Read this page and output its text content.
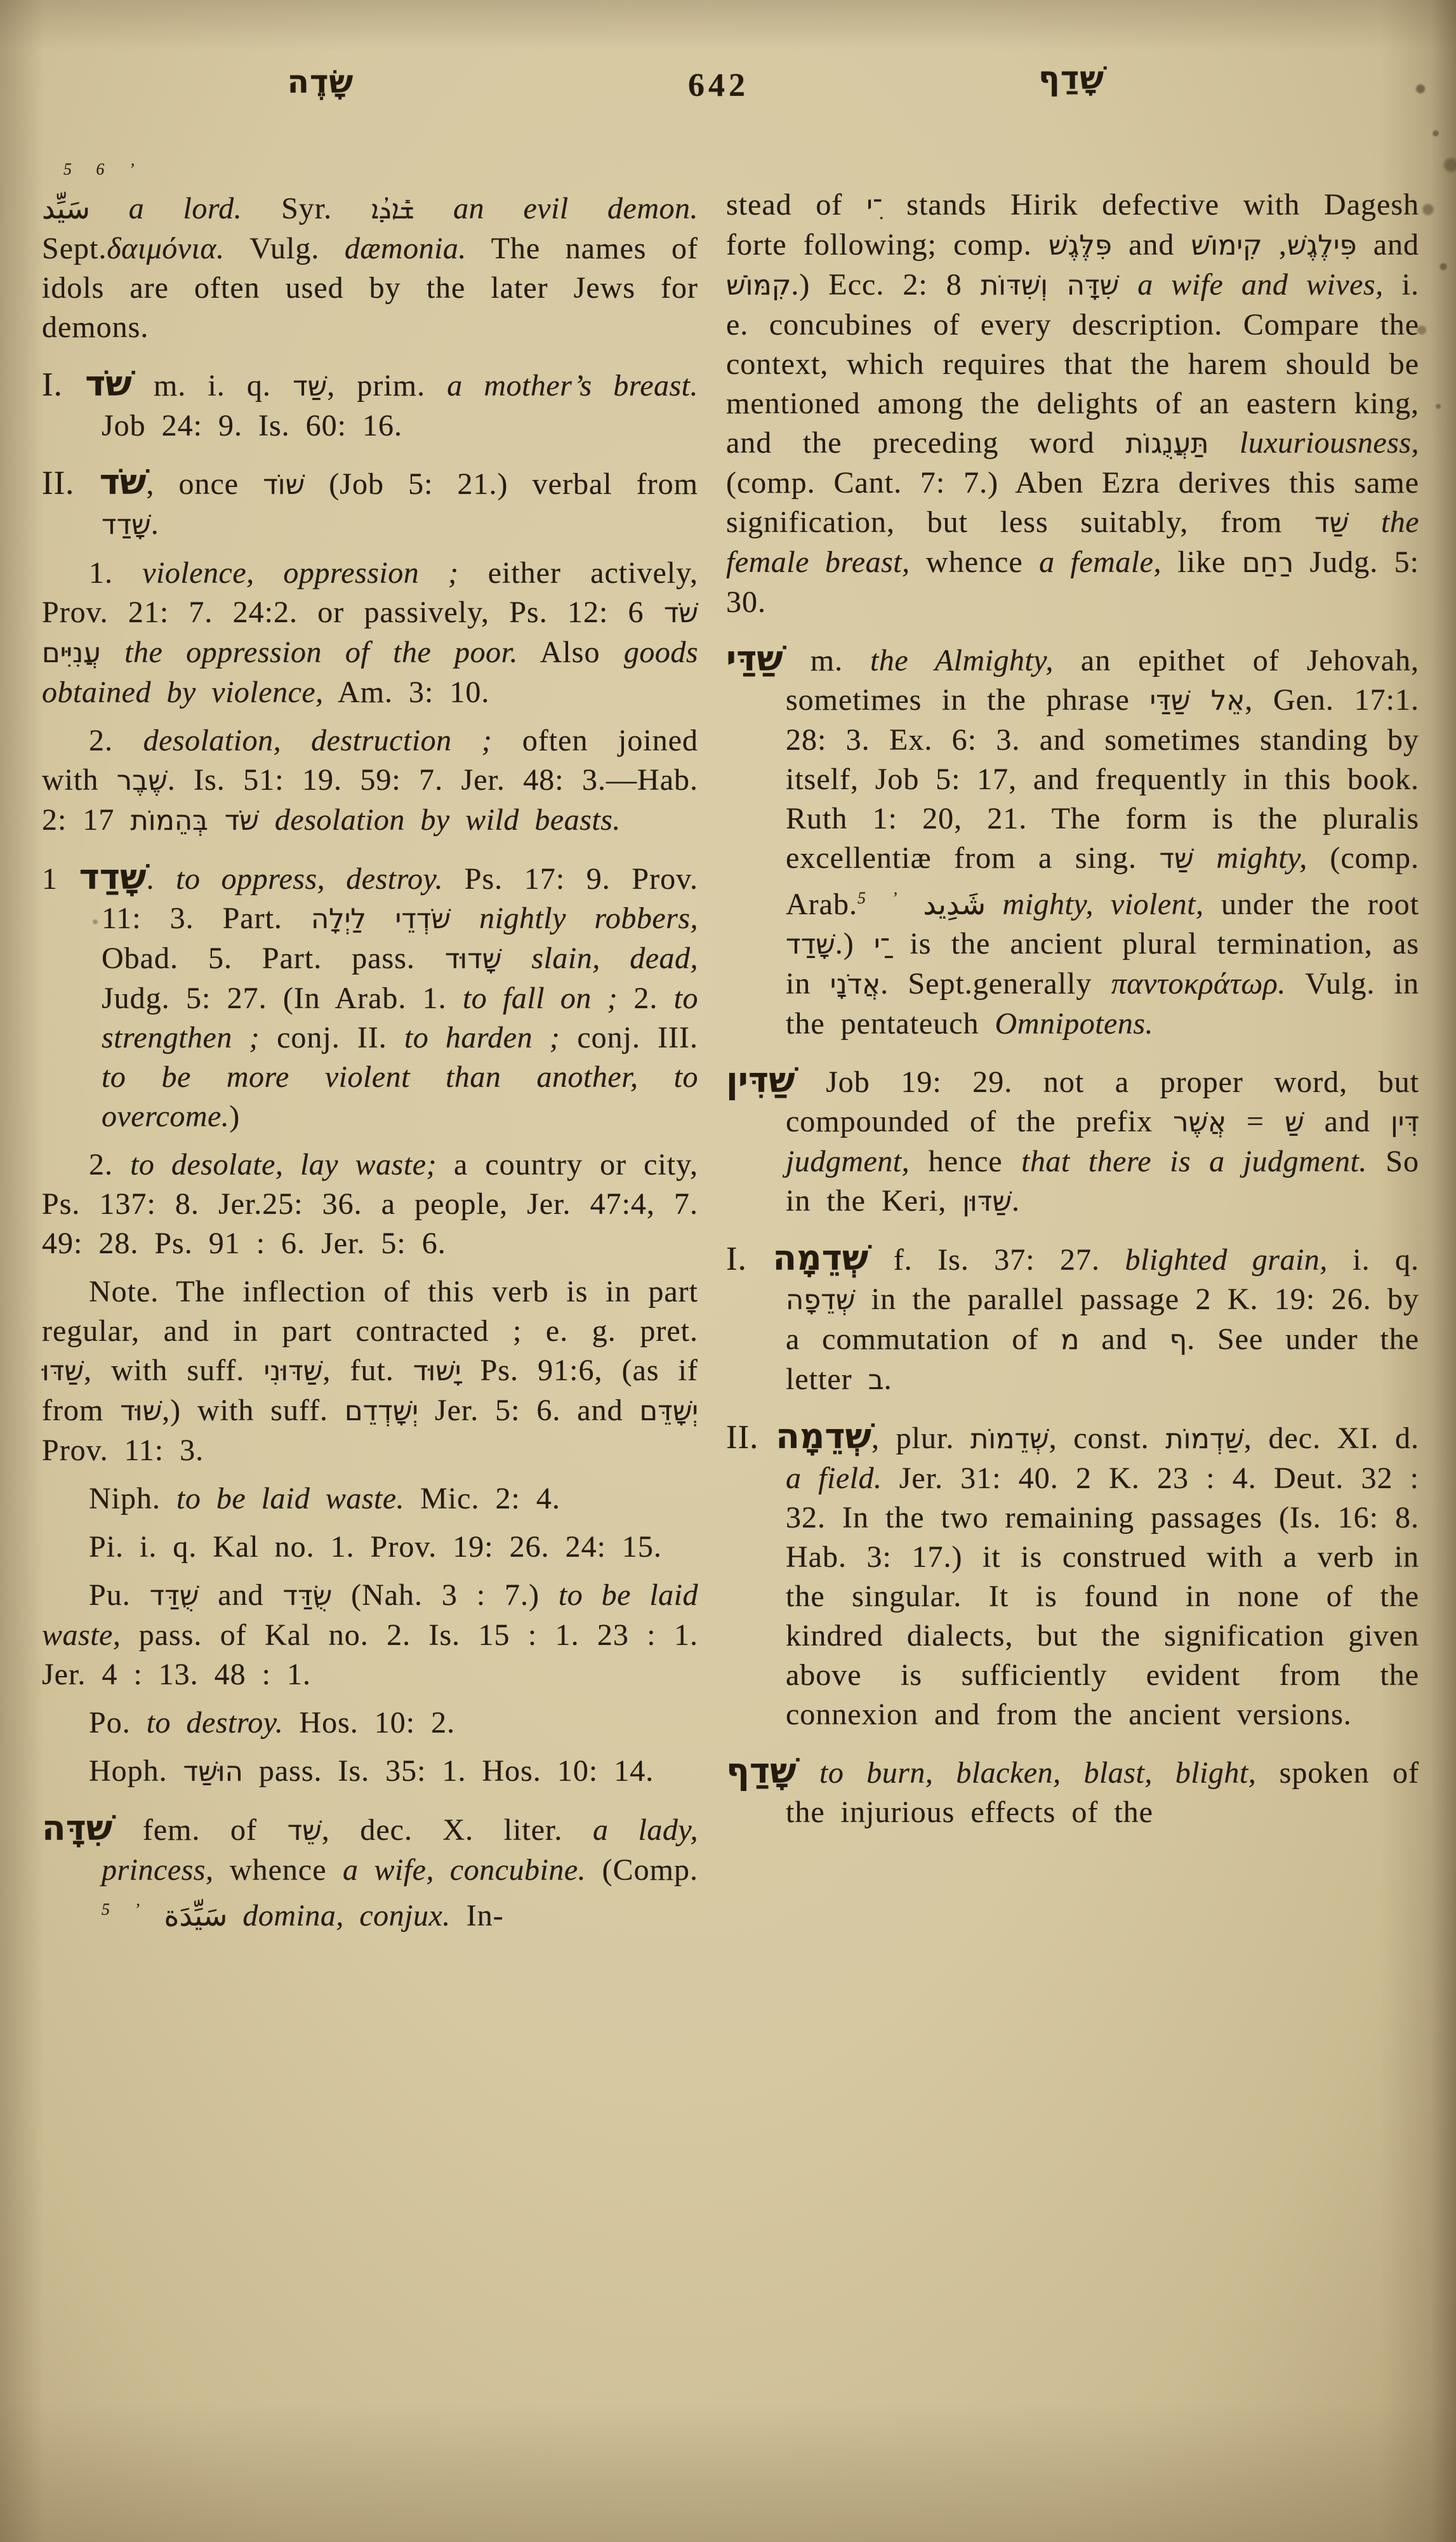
שָׂדֶה	642	שָׁדַף

$^{5 6 ʼ}$

سَيِّد a lord. Syr. ܫܺܐܕܳܐ an evil demon. Sept.δαιμόνια. Vulg. dæmonia. The names of idols are often used by the later Jews for demons.

I. שֹׁד m. i. q. שַׁד, prim. a mother’s breast. Job 24: 9. Is. 60: 16.

II. שֹׁד, once שׁוֹד (Job 5: 21.) verbal from שָׁדַד.

1. violence, oppression ; either actively, Prov. 21: 7. 24:2. or passively, Ps. 12: 6 שֹׁד עֲנִיִּים the oppression of the poor. Also goods obtained by violence, Am. 3: 10.

2. desolation, destruction ; often joined with שֶׁבֶר. Is. 51: 19. 59: 7. Jer. 48: 3.—Hab. 2: 17 שֹׁד בְּהֵמוֹת desolation by wild beasts.

שָׁדַד 1. to oppress, destroy. Ps. 17: 9. Prov. 11: 3. Part. שֹׁדְדֵי לַיְלָה nightly robbers, Obad. 5. Part. pass. שָׁדוּד slain, dead, Judg. 5: 27. (In Arab. 1. to fall on ; 2. to strengthen ; conj. II. to harden ; conj. III. to be more violent than another, to overcome.)

2. to desolate, lay waste; a country or city, Ps. 137: 8. Jer.25: 36. a people, Jer. 47:4, 7. 49: 28. Ps. 91 : 6. Jer. 5: 6.

Note. The inflection of this verb is in part regular, and in part contracted ; e. g. pret. שַׁדּוּ, with suff. שַׁדּוּנִי, fut. יָשׁוּד Ps. 91:6, (as if from שׁוּד,) with suff. יְשָׁדְדֵם Jer. 5: 6. and יְשָׁדֵּם Prov. 11: 3.

Niph. to be laid waste. Mic. 2: 4.

Pi. i. q. Kal no. 1. Prov. 19: 26. 24: 15.

Pu. שֻׁדַּד and שֻׂדַּד (Nah. 3 : 7.) to be laid waste, pass. of Kal no. 2. Is. 15 : 1. 23 : 1. Jer. 4 : 13. 48 : 1.

Po. to destroy. Hos. 10: 2.

Hoph. הוּשַּׁד pass. Is. 35: 1. Hos. 10: 14.

שִׁדָּה fem. of שֵׁד, dec. X. liter. a lady, princess, whence a wife, concubine. (Comp. $^{5 ʼ}$ سَيِّدَة domina, conjux. In-

stead of ־ִי stands Hirik defective with Dagesh forte following; comp. פִּלֶּגֶשׁ and	פִּילֶגֶשׁ, קִימוֹשׁ	and קִמּוֹשׁ.) Ecc. 2: 8 שִׁדָּה וְשִׁדּוֹת a wife and wives, i. e. concubines of every description. Compare the context, which requires that the harem should be mentioned among the delights of an eastern king, and the preceding word תַּעֲנֻגוֹת luxuriousness, (comp. Cant. 7: 7.) Aben Ezra derives this same signification, but less suitably, from שַׁד the female breast, whence a female, like רַחַם Judg. 5: 30.

שַׁדַּי m. the Almighty, an epithet of Jehovah, sometimes in the phrase אֵל שַׁדַּי, Gen. 17:1. 28: 3. Ex. 6: 3. and sometimes standing by itself, Job 5: 17, and frequently in this book. Ruth 1: 20, 21. The form is the pluralis excellentiæ from a sing. שַׁד mighty, (comp. Arab.$^{5 ʼ}$ شَدِيد mighty, violent, under the root שָׁדַד.) ־ַי is the ancient plural termination, as in אֲדֹנָי. Sept.generally παντοκράτωρ. Vulg. in the pentateuch Omnipotens.

שַׁדִּין Job 19: 29. not a proper word, but compounded of the prefix	שַׁ = אֲשֶׁר	and דִּין judgment, hence that there is a judgment. So in the Keri, שַׁדּוּן.

I. שְׁדֵמָה f. Is. 37: 27. blighted grain, i. q. שְׁדֵפָה in the parallel passage 2 K. 19: 26. by a commutation of מ and ף. See under the letter ב.

II. שְׁדֵמָה, plur. שְׁדֵמוֹת, const. שַׁדְמוֹת, dec. XI. d. a field. Jer. 31: 40. 2 K. 23 : 4. Deut. 32 : 32. In the two remaining passages (Is. 16: 8. Hab. 3: 17.) it is construed with a verb in the singular. It is found in none of the kindred dialects, but the signification given above is sufficiently evident from the connexion and from the ancient versions.

שָׁדַף to burn, blacken, blast, blight, spoken of the injurious effects of the
